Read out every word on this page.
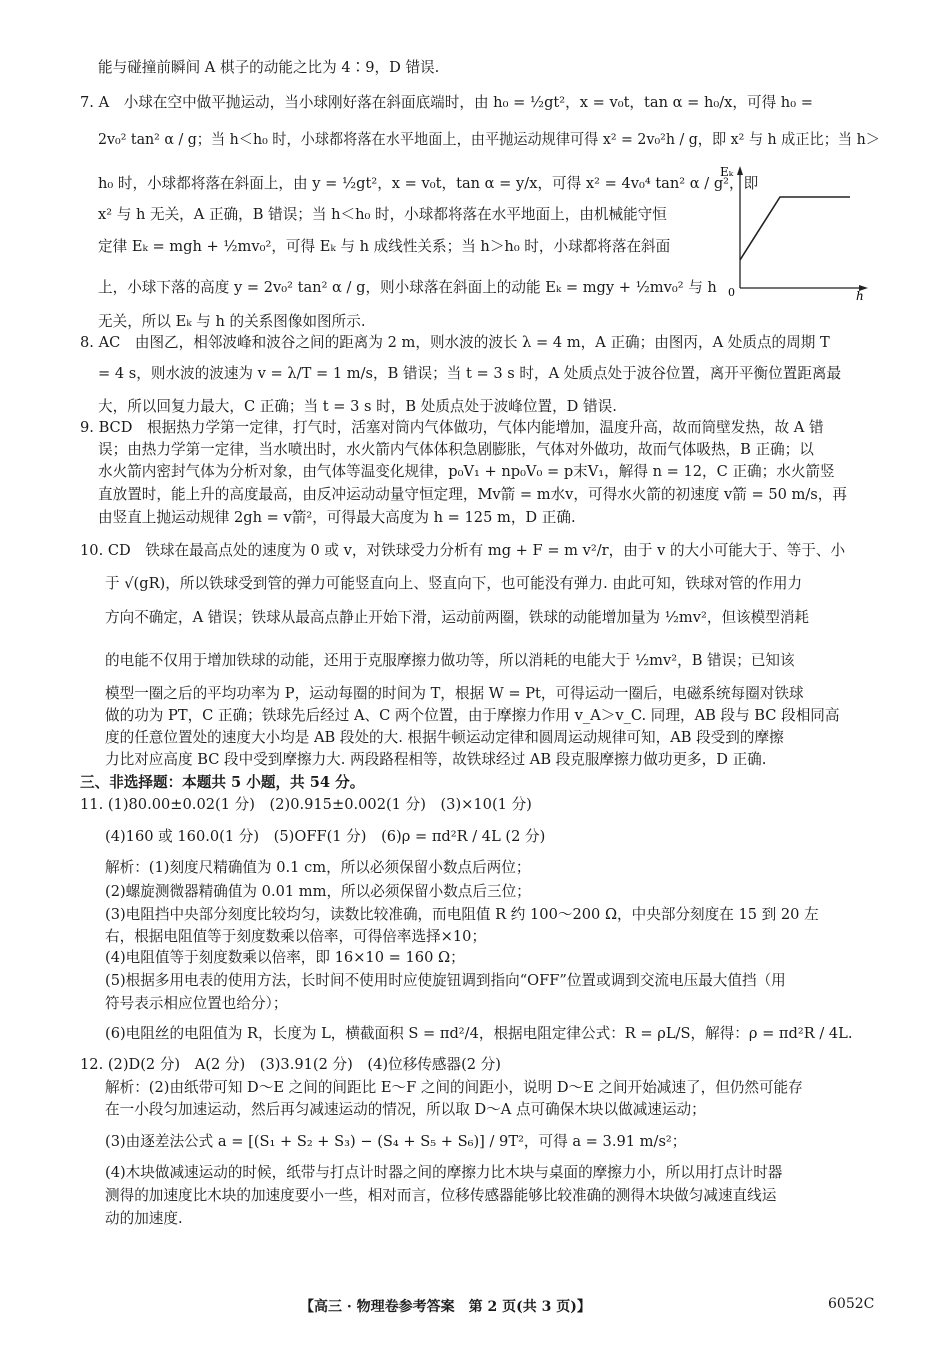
能与碰撞前瞬间 A 棋子的动能之比为 4∶9，D 错误.
7. A　小球在空中做平抛运动，当小球刚好落在斜面底端时，由 h₀ = ½gt²，x = v₀t，tan α = h₀/x，可得 h₀ =
2v₀² tan² α / g；当 h＜h₀ 时，小球都将落在水平地面上，由平抛运动规律可得 x² = 2v₀²h / g，即 x² 与 h 成正比；当 h＞
h₀ 时，小球都将落在斜面上，由 y = ½gt²，x = v₀t，tan α = y/x，可得 x² = 4v₀⁴ tan² α / g²，即
x² 与 h 无关，A 正确，B 错误；当 h＜h₀ 时，小球都将落在水平地面上，由机械能守恒
定律 Eₖ = mgh + ½mv₀²，可得 Eₖ 与 h 成线性关系；当 h＞h₀ 时，小球都将落在斜面
上，小球下落的高度 y = 2v₀² tan² α / g，则小球落在斜面上的动能 Eₖ = mgy + ½mv₀² 与 h
无关，所以 Eₖ 与 h 的关系图像如图所示.
8. AC　由图乙，相邻波峰和波谷之间的距离为 2 m，则水波的波长 λ = 4 m，A 正确；由图丙，A 处质点的周期 T
= 4 s，则水波的波速为 v = λ/T = 1 m/s，B 错误；当 t = 3 s 时，A 处质点处于波谷位置，离开平衡位置距离最
大，所以回复力最大，C 正确；当 t = 3 s 时，B 处质点处于波峰位置，D 错误.
9. BCD　根据热力学第一定律，打气时，活塞对筒内气体做功，气体内能增加，温度升高，故而筒壁发热，故 A 错
误；由热力学第一定律，当水喷出时，水火箭内气体体积急剧膨胀，气体对外做功，故而气体吸热，B 正确；以
水火箭内密封气体为分析对象，由气体等温变化规律，p₀V₁ + np₀V₀ = p末V₁，解得 n = 12，C 正确；水火箭竖
直放置时，能上升的高度最高，由反冲运动动量守恒定理，Mv箭 = m水v，可得水火箭的初速度 v箭 = 50 m/s，再
由竖直上抛运动规律 2gh = v箭²，可得最大高度为 h = 125 m，D 正确.
10. CD　铁球在最高点处的速度为 0 或 v，对铁球受力分析有 mg + F = m v²/r，由于 v 的大小可能大于、等于、小
于 √(gR)，所以铁球受到管的弹力可能竖直向上、竖直向下，也可能没有弹力. 由此可知，铁球对管的作用力
方向不确定，A 错误；铁球从最高点静止开始下滑，运动前两圈，铁球的动能增加量为 ½mv²，但该模型消耗
的电能不仅用于增加铁球的动能，还用于克服摩擦力做功等，所以消耗的电能大于 ½mv²，B 错误；已知该
模型一圈之后的平均功率为 P，运动每圈的时间为 T，根据 W = Pt，可得运动一圈后，电磁系统每圈对铁球
做的功为 PT，C 正确；铁球先后经过 A、C 两个位置，由于摩擦力作用 v_A＞v_C. 同理，AB 段与 BC 段相同高
度的任意位置处的速度大小均是 AB 段处的大. 根据牛顿运动定律和圆周运动规律可知，AB 段受到的摩擦
力比对应高度 BC 段中受到摩擦力大. 两段路程相等，故铁球经过 AB 段克服摩擦力做功更多，D 正确.
三、非选择题：本题共 5 小题，共 54 分。
11. (1)80.00±0.02(1 分)　(2)0.915±0.002(1 分)　(3)×10(1 分)
(4)160 或 160.0(1 分)　(5)OFF(1 分)　(6)ρ = πd²R / 4L (2 分)
解析：(1)刻度尺精确值为 0.1 cm，所以必须保留小数点后两位；
(2)螺旋测微器精确值为 0.01 mm，所以必须保留小数点后三位；
(3)电阻挡中央部分刻度比较均匀，读数比较准确，而电阻值 R 约 100～200 Ω，中央部分刻度在 15 到 20 左
右，根据电阻值等于刻度数乘以倍率，可得倍率选择×10；
(4)电阻值等于刻度数乘以倍率，即 16×10 = 160 Ω；
(5)根据多用电表的使用方法，长时间不使用时应使旋钮调到指向“OFF”位置或调到交流电压最大值挡（用
符号表示相应位置也给分）；
(6)电阻丝的电阻值为 R，长度为 L，横截面积 S = πd²/4，根据电阻定律公式：R = ρL/S，解得：ρ = πd²R / 4L.
12. (2)D(2 分)　A(2 分)　(3)3.91(2 分)　(4)位移传感器(2 分)
解析：(2)由纸带可知 D～E 之间的间距比 E～F 之间的间距小，说明 D～E 之间开始减速了，但仍然可能存
在一小段匀加速运动，然后再匀减速运动的情况，所以取 D～A 点可确保木块以做减速运动；
(3)由逐差法公式 a = [(S₁ + S₂ + S₃) − (S₄ + S₅ + S₆)] / 9T²，可得 a = 3.91 m/s²；
(4)木块做减速运动的时候，纸带与打点计时器之间的摩擦力比木块与桌面的摩擦力小，所以用打点计时器
测得的加速度比木块的加速度要小一些，相对而言，位移传感器能够比较准确的测得木块做匀减速直线运
动的加速度.
Eₖ
0	h
【高三 · 物理卷参考答案　第 2 页(共 3 页)】	6052C
